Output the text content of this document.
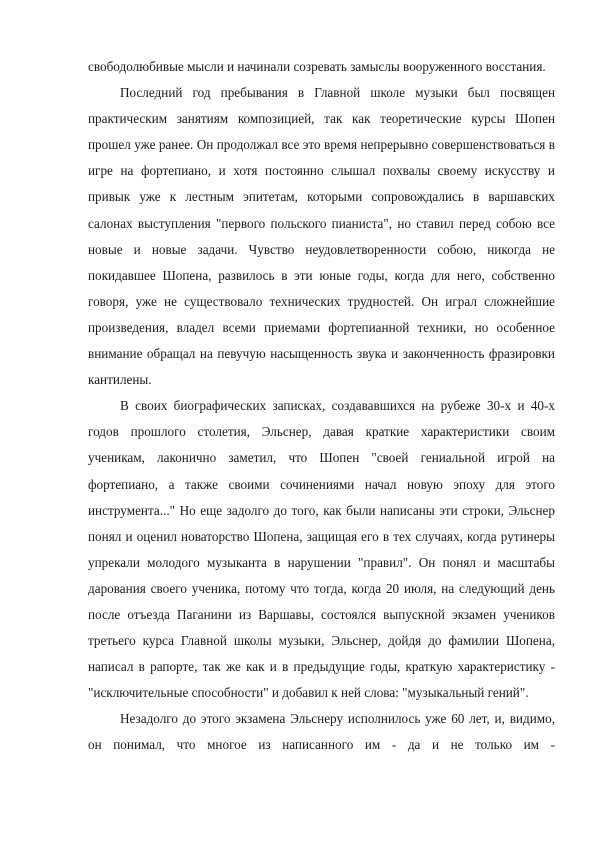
свободолюбивые мысли и начинали созревать замыслы вооруженного восстания.

Последний год пребывания в Главной школе музыки был посвящен практическим занятиям композицией, так как теоретические курсы Шопен прошел уже ранее. Он продолжал все это время непрерывно совершенствоваться в игре на фортепиано, и хотя постоянно слышал похвалы своему искусству и привык уже к лестным эпитетам, которыми сопровождались в варшавских салонах выступления "первого польского пианиста", но ставил перед собою все новые и новые задачи. Чувство неудовлетворенности собою, никогда не покидавшее Шопена, развилось в эти юные годы, когда для него, собственно говоря, уже не существовало технических трудностей. Он играл сложнейшие произведения, владел всеми приемами фортепианной техники, но особенное внимание обращал на певучую насыщенность звука и законченность фразировки кантилены.

В своих биографических записках, создававшихся на рубеже 30-х и 40-х годов прошлого столетия, Эльснер, давая краткие характеристики своим ученикам, лаконично заметил, что Шопен "своей гениальной игрой на фортепиано, а также своими сочинениями начал новую эпоху для этого инструмента..." Но еще задолго до того, как были написаны эти строки, Эльснер понял и оценил новаторство Шопена, защищая его в тех случаях, когда рутинеры упрекали молодого музыканта в нарушении "правил". Он понял и масштабы дарования своего ученика, потому что тогда, когда 20 июля, на следующий день после отъезда Паганини из Варшавы, состоялся выпускной экзамен учеников третьего курса Главной школы музыки, Эльснер, дойдя до фамилии Шопена, написал в рапорте, так же как и в предыдущие годы, краткую характеристику - "исключительные способности" и добавил к ней слова: "музыкальный гений".

Незадолго до этого экзамена Эльснеру исполнилось уже 60 лет, и, видимо, он понимал, что многое из написанного им - да и не только им -
